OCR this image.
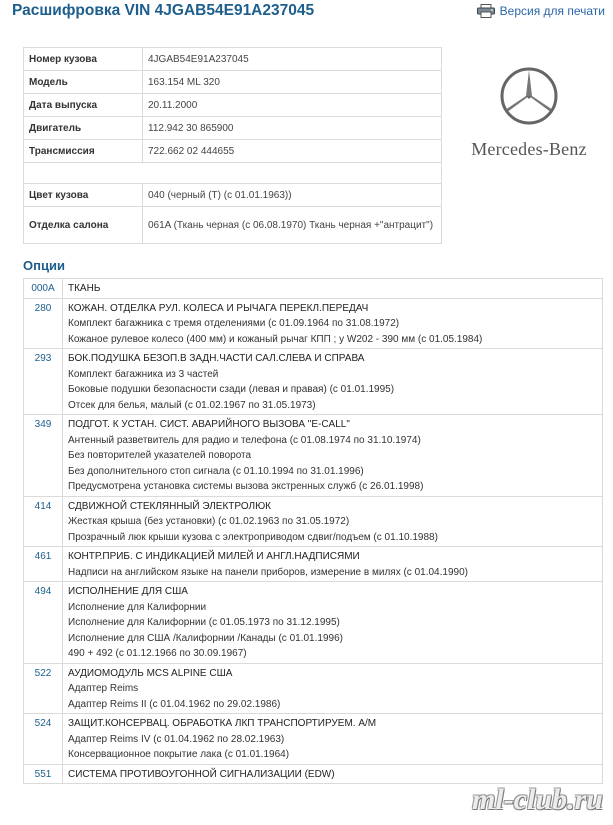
Расшифровка VIN 4JGAB54E91A237045	Версия для печати
Номер кузова	4JGAB54E91A237045
Модель	163.154 ML 320
Дата выпуска	20.11.2000
Двигатель	112.942 30 865900
Трансмиссия	722.662 02 444655

Цвет кузова	040 (черный (Т) (с 01.01.1963))
Отделка салона	061A (Ткань черная (с 06.08.1970) Ткань черная +"антрацит")
Mercedes-Benz
Опции
000A	ТКАНЬ

280	КОЖАН. ОТДЕЛКА РУЛ. КОЛЕСА И РЫЧАГА ПЕРЕКЛ.ПЕРЕДАЧ
Комплект багажника с тремя отделениями (с 01.09.1964 по 31.08.1972)
Кожаное рулевое колесо (400 мм) и кожаный рычаг КПП ; у W202 - 390 мм (с 01.05.1984)

293	БОК.ПОДУШКА БЕЗОП.В ЗАДН.ЧАСТИ САЛ.СЛЕВА И СПРАВА
Комплект багажника из 3 частей
Боковые подушки безопасности сзади (левая и правая) (с 01.01.1995)
Отсек для белья, малый (с 01.02.1967 по 31.05.1973)

349	ПОДГОТ. К УСТАН. СИСТ. АВАРИЙНОГО ВЫЗОВА "E-CALL"
Антенный разветвитель для радио и телефона (с 01.08.1974 по 31.10.1974)
Без повторителей указателей поворота
Без дополнительного стоп сигнала (с 01.10.1994 по 31.01.1996)
Предусмотрена установка системы вызова экстренных служб (с 26.01.1998)

414	СДВИЖНОЙ СТЕКЛЯННЫЙ ЭЛЕКТРОЛЮК
Жесткая крыша (без установки) (с 01.02.1963 по 31.05.1972)
Прозрачный люк крыши кузова с электроприводом сдвиг/подъем (с 01.10.1988)

461	КОНТР.ПРИБ. С ИНДИКАЦИЕЙ МИЛЕЙ И АНГЛ.НАДПИСЯМИ
Надписи на английском языке на панели приборов, измерение в милях (с 01.04.1990)

494	ИСПОЛНЕНИЕ ДЛЯ США
Исполнение для Калифорнии
Исполнение для Калифорнии (с 01.05.1973 по 31.12.1995)
Исполнение для США /Калифорнии /Канады (с 01.01.1996)
490 + 492 (с 01.12.1966 по 30.09.1967)

522	АУДИОМОДУЛЬ MCS ALPINE США
Адаптер Reims
Адаптер Reims II (с 01.04.1962 по 29.02.1986)

524	ЗАЩИТ.КОНСЕРВАЦ. ОБРАБОТКА ЛКП ТРАНСПОРТИРУЕМ. А/М
Адаптер Reims IV (с 01.04.1962 по 28.02.1963)
Консервационное покрытие лака (с 01.01.1964)

551	СИСТЕМА ПРОТИВОУГОННОЙ СИГНАЛИЗАЦИИ (EDW)
ml-club.ru
